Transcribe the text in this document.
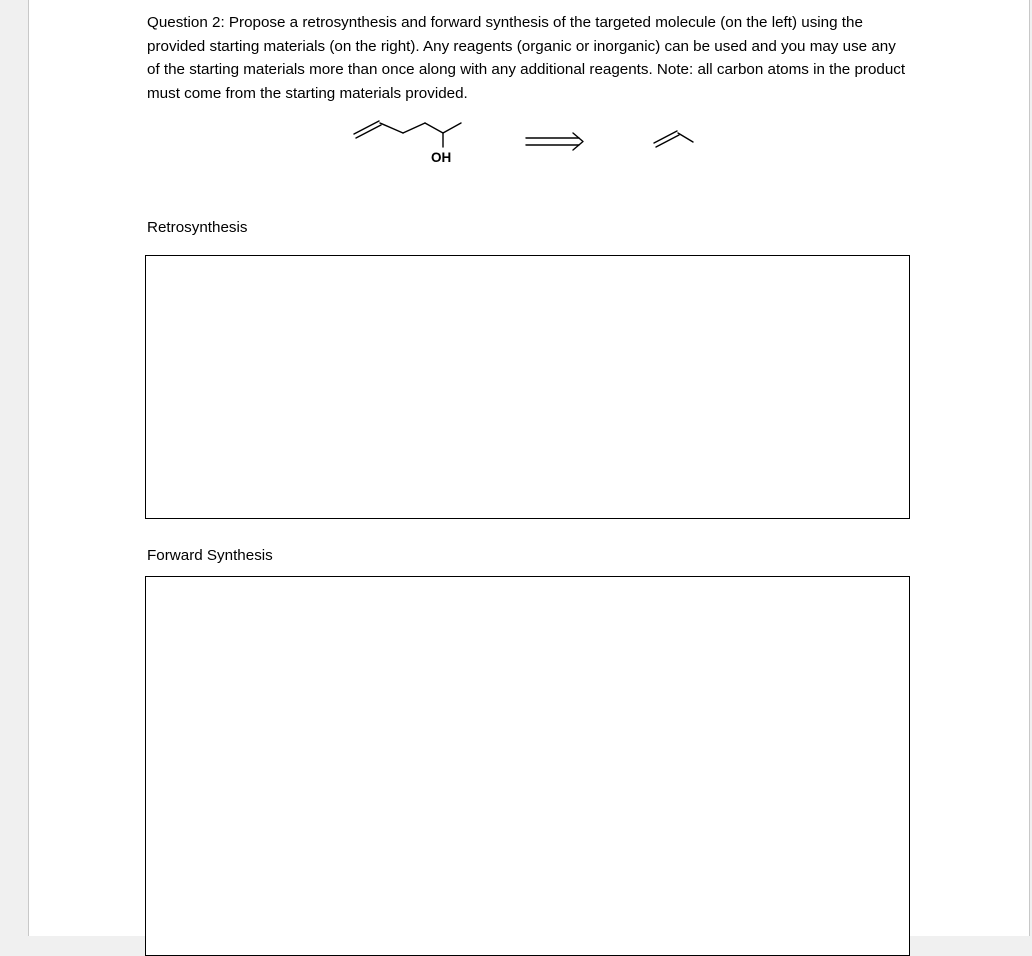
Question 2: Propose a retrosynthesis and forward synthesis of the targeted molecule (on the left) using the provided starting materials (on the right). Any reagents (organic or inorganic) can be used and you may use any of the starting materials more than once along with any additional reagents. Note: all carbon atoms in the product must come from the starting materials provided.

OH
Retrosynthesis
Forward Synthesis
